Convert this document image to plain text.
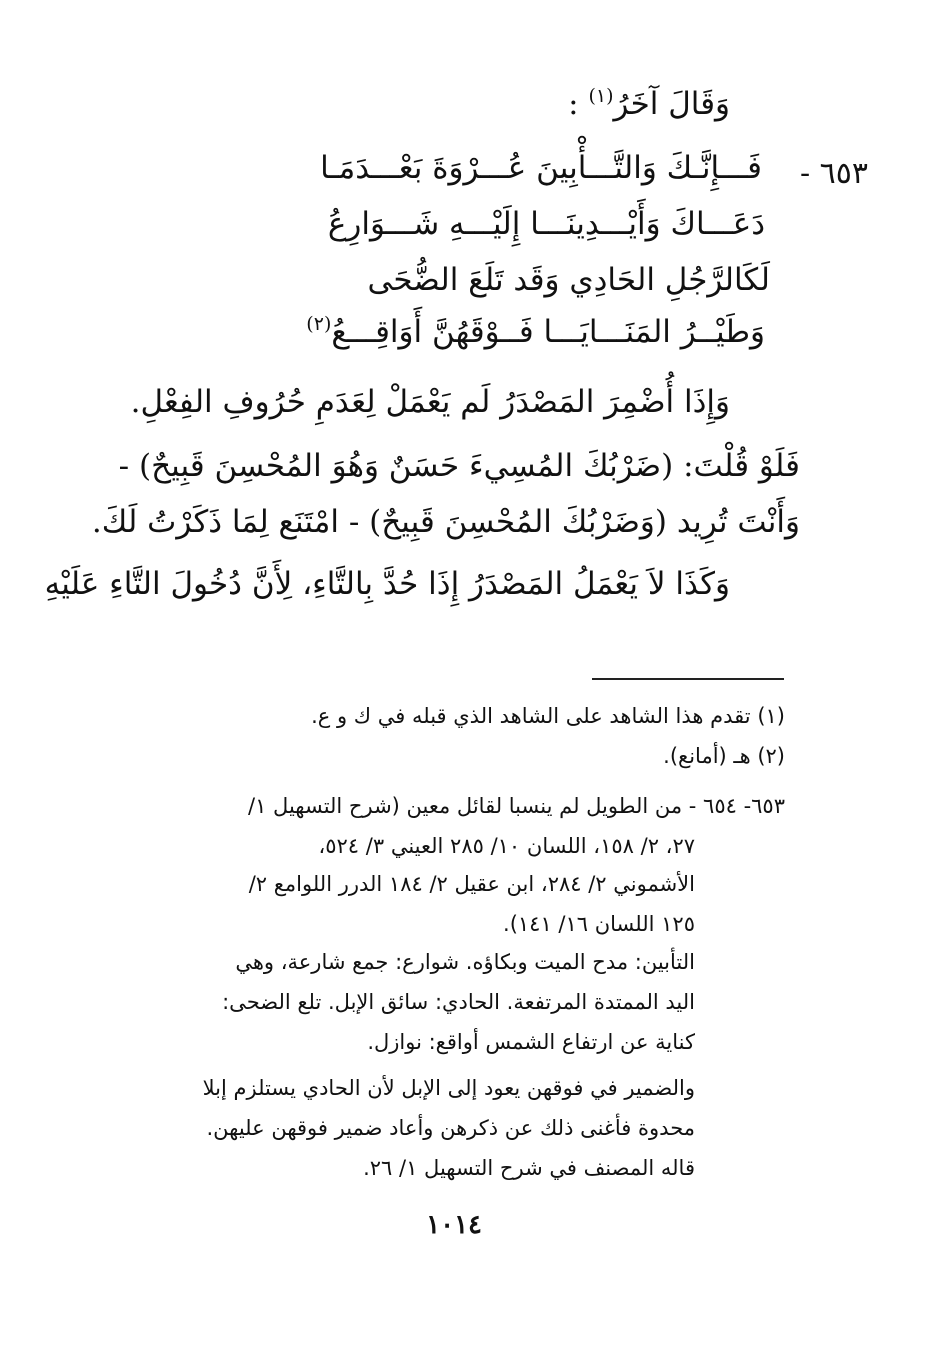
وَقَالَ آخَرُ$^{(١)}$ :
٦٥٣ -
فَـــإِنَّـكَ وَالتَّـــأْبِينَ عُـــرْوَةَ بَعْـــدَمَـا
دَعَـــاكَ وَأَيْـــدِينَـــا إِلَيْـــهِ شَـــوَارِعُ
لَكَالرَّجُلِ الحَادِي وَقَد تَلَعَ الضُّحَى
وَطَيْــرُ المَنَـــايَـــا فَــوْقَهُنَّ أَوَاقِـــعُ$^{(٢)}$
وَإِذَا أُضْمِرَ المَصْدَرُ لَم يَعْمَلْ لِعَدَمِ حُرُوفِ الفِعْلِ.
فَلَوْ قُلْتَ: (ضَرْبُكَ المُسِيءَ حَسَنٌ وَهُوَ المُحْسِنَ قَبِيحٌ) -
وَأَنْتَ تُرِيد (وَضَرْبُكَ المُحْسِنَ قَبِيحٌ) - امْتَنَع لِمَا ذَكَرْتُ لَكَ.
وَكَذَا لاَ يَعْمَلُ المَصْدَرُ إِذَا حُدَّ بِالتَّاءِ، لِأَنَّ دُخُولَ التَّاءِ عَلَيْهِ
(١) تقدم هذا الشاهد على الشاهد الذي قبله في ك و ع.
(٢) هـ (أمانع).
٦٥٣- ٦٥٤ - من الطويل لم ينسبا لقائل معين (شرح التسهيل ١/
٢٧، ٢/ ١٥٨، اللسان ١٠/ ٢٨٥ العيني ٣/ ٥٢٤،
الأشموني ٢/ ٢٨٤، ابن عقيل ٢/ ١٨٤ الدرر اللوامع ٢/
١٢٥ اللسان ١٦/ ١٤١).
التأبين: مدح الميت وبكاؤه. شوارع: جمع شارعة، وهي
اليد الممتدة المرتفعة. الحادي: سائق الإبل. تلع الضحى:
كناية عن ارتفاع الشمس أواقع: نوازل.
والضمير في فوقهن يعود إلى الإبل لأن الحادي يستلزم إبلا
محدوة فأغنى ذلك عن ذكرهن وأعاد ضمير فوقهن عليهن.
قاله المصنف في شرح التسهيل ١/ ٢٦.
١٠١٤
